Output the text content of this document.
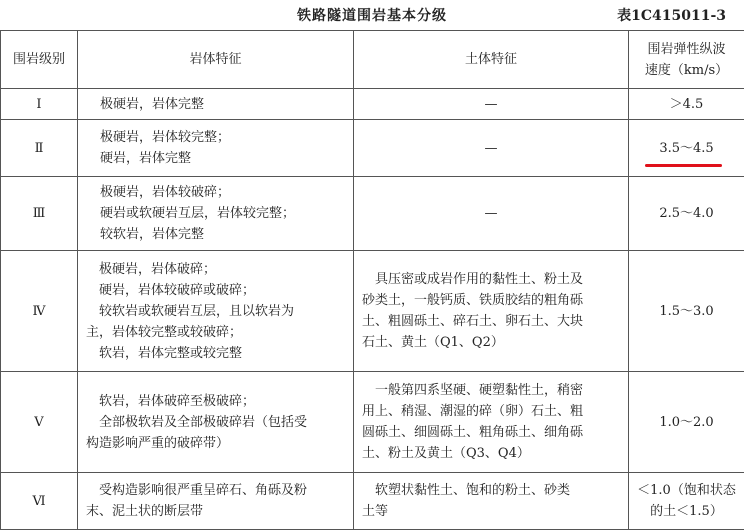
铁路隧道围岩基本分级	表1C415011-3
围岩级别	岩体特征	土体特征	围岩弹性纵波
速度（km/s）

Ⅰ	极硬岩，岩体完整	—	＞4.5

Ⅱ	极硬岩，岩体较完整；
硬岩，岩体完整	—	3.5～4.5

Ⅲ	极硬岩，岩体较破碎；
硬岩或软硬岩互层，岩体较完整；
较软岩，岩体完整	—	2.5～4.0

Ⅳ	极硬岩，岩体破碎；
硬岩，岩体较破碎或破碎；
较软岩或软硬岩互层，且以软岩为
主，岩体较完整或较破碎；
软岩，岩体完整或较完整	具压密或成岩作用的黏性土、粉土及
砂类土，一般钙质、铁质胶结的粗角砾
土、粗圆砾土、碎石土、卵石土、大块
石土、黄土（Q1、Q2）	1.5～3.0

Ⅴ	软岩，岩体破碎至极破碎；
全部极软岩及全部极破碎岩（包括受
构造影响严重的破碎带）	一般第四系坚硬、硬塑黏性土，稍密
用上、稍湿、潮湿的碎（卵）石土、粗
圆砾土、细圆砾土、粗角砾土、细角砾
土、粉土及黄土（Q3、Q4）	1.0～2.0

Ⅵ	受构造影响很严重呈碎石、角砾及粉
末、泥土状的断层带	软塑状黏性土、饱和的粉土、砂类
土等	＜1.0（饱和状态
的土＜1.5）
